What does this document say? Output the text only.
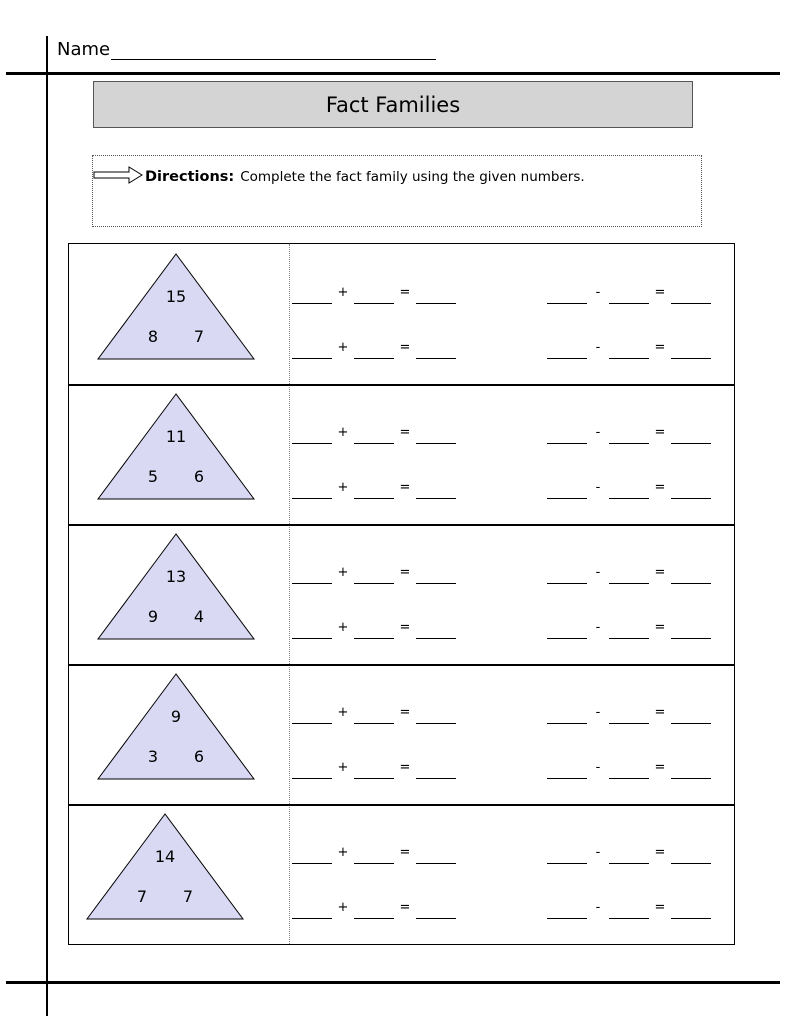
Name
Fact Families
Directions: Complete the fact family using the given numbers.
15
8	7
+	=
+	=
-	=
-	=
11
5	6
+	=
+	=
-	=
-	=
13
9	4
+	=
+	=
-	=
-	=
9
3	6
+	=
+	=
-	=
-	=
14
7	7
+	=
+	=
-	=
-	=
